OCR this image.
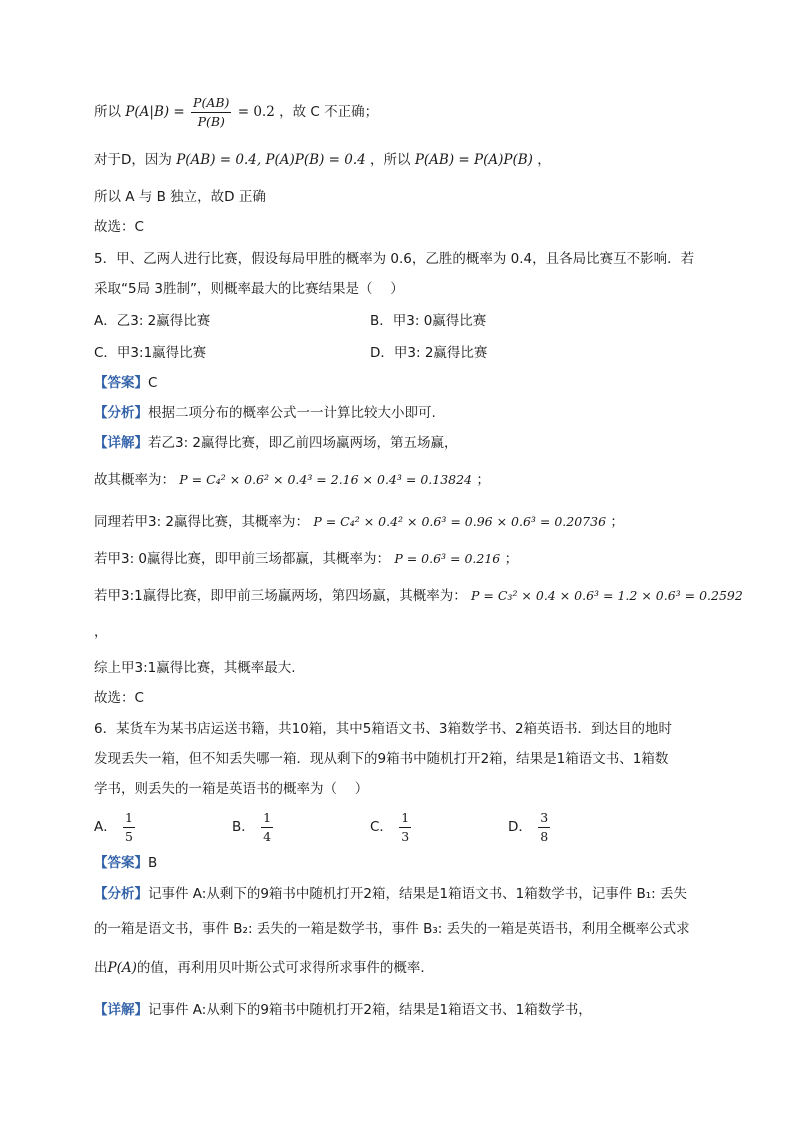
所以 $P(A|B) = \frac{P(AB)}{P(B)} = 0.2$ ，故 C 不正确；
对于D，因为 P(AB) = 0.4, P(A)P(B) = 0.4 ，所以 P(AB) = P(A)P(B) ，
所以 A 与 B 独立，故D 正确
故选：C
5．甲、乙两人进行比赛，假设每局甲胜的概率为 0.6，乙胜的概率为 0.4，且各局比赛互不影响．若
采取“5局 3胜制”，则概率最大的比赛结果是（　 ）
A．乙3: 2赢得比赛	B．甲3: 0赢得比赛
C．甲3:1赢得比赛	D．甲3: 2赢得比赛
【答案】C
【分析】根据二项分布的概率公式一一计算比较大小即可.
【详解】若乙3: 2赢得比赛，即乙前四场赢两场，第五场赢，
故其概率为： P = C₄² × 0.6² × 0.4³ = 2.16 × 0.4³ = 0.13824 ；
同理若甲3: 2赢得比赛，其概率为： P = C₄² × 0.4² × 0.6³ = 0.96 × 0.6³ = 0.20736 ；
若甲3: 0赢得比赛，即甲前三场都赢，其概率为： P = 0.6³ = 0.216 ；
若甲3:1赢得比赛，即甲前三场赢两场，第四场赢，其概率为： P = C₃² × 0.4 × 0.6³ = 1.2 × 0.6³ = 0.2592
，
综上甲3:1赢得比赛，其概率最大.
故选：C
6．某货车为某书店运送书籍，共10箱，其中5箱语文书、3箱数学书、2箱英语书．到达目的地时
发现丢失一箱，但不知丢失哪一箱．现从剩下的9箱书中随机打开2箱，结果是1箱语文书、1箱数
学书，则丢失的一箱是英语书的概率为（　 ）
A． $\frac{1}{5}$	B． $\frac{1}{4}$	C． $\frac{1}{3}$	D． $\frac{3}{8}$
【答案】B
【分析】记事件 A:从剩下的9箱书中随机打开2箱，结果是1箱语文书、1箱数学书，记事件 B₁: 丢失
的一箱是语文书，事件 B₂: 丢失的一箱是数学书，事件 B₃: 丢失的一箱是英语书，利用全概率公式求
出P(A)的值，再利用贝叶斯公式可求得所求事件的概率.
【详解】记事件 A:从剩下的9箱书中随机打开2箱，结果是1箱语文书、1箱数学书，
